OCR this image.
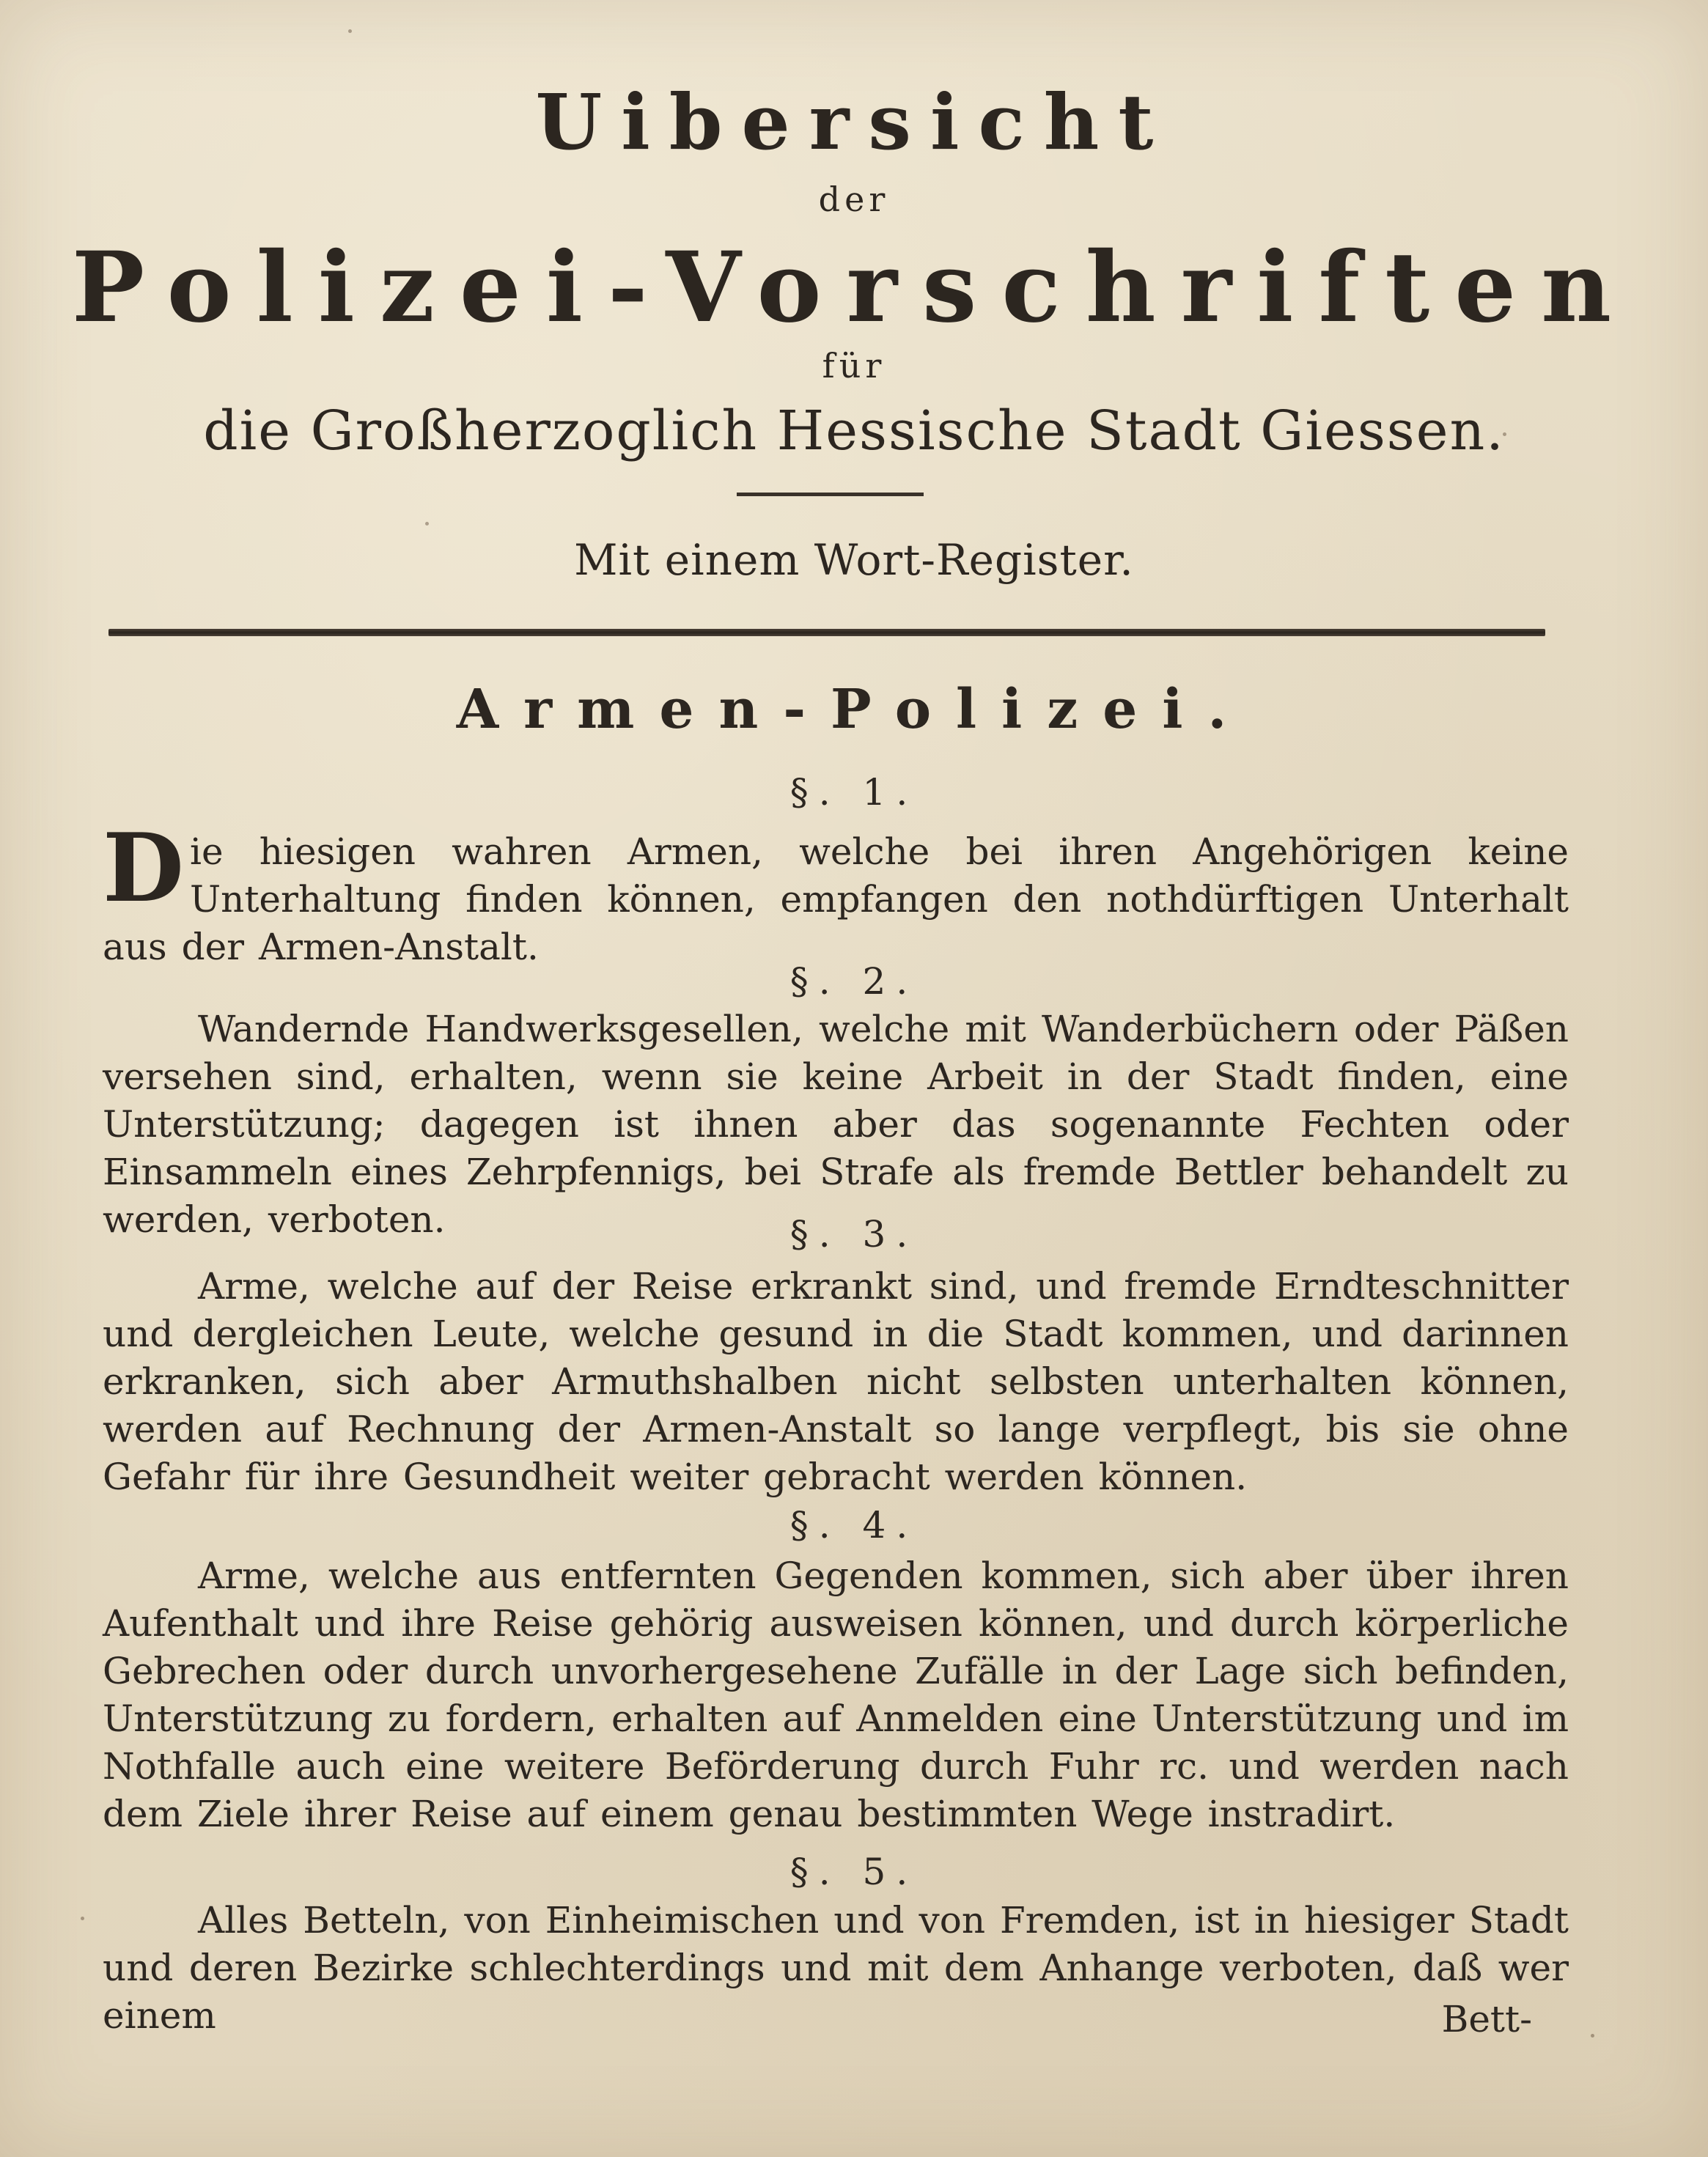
Uibersicht

der

Polizei-Vorschriften

für

die Großherzoglich Hessische Stadt Giessen.

Mit einem Wort-Register.

Armen-Polizei.

§. 1.

Die hiesigen wahren Armen, welche bei ihren Angehörigen keine Unterhaltung finden können, empfangen den nothdürftigen Unterhalt aus der Armen-Anstalt.

§. 2.

Wandernde Handwerksgesellen, welche mit Wanderbüchern oder Päßen versehen sind, erhalten, wenn sie keine Arbeit in der Stadt finden, eine Unterstützung; dagegen ist ihnen aber das sogenannte Fechten oder Einsammeln eines Zehrpfennigs, bei Strafe als fremde Bettler behandelt zu werden, verboten.	§. 3.

Arme, welche auf der Reise erkrankt sind, und fremde Erndteschnitter und dergleichen Leute, welche gesund in die Stadt kommen, und darinnen erkranken, sich aber Armuthshalben nicht selbsten unterhalten können, werden auf Rechnung der Armen-Anstalt so lange verpflegt, bis sie ohne Gefahr für ihre Gesundheit weiter gebracht werden können.

§. 4.

Arme, welche aus entfernten Gegenden kommen, sich aber über ihren Aufenthalt und ihre Reise gehörig ausweisen können, und durch körperliche Gebrechen oder durch unvorhergesehene Zufälle in der Lage sich befinden, Unterstützung zu fordern, erhalten auf Anmelden eine Unterstützung und im Nothfalle auch eine weitere Beförderung durch Fuhr rc. und werden nach dem Ziele ihrer Reise auf einem genau bestimmten Wege instradirt.

§. 5.

Alles Betteln, von Einheimischen und von Fremden, ist in hiesiger Stadt und deren Bezirke schlechterdings und mit dem Anhange verboten, daß wer einem	Bett-
